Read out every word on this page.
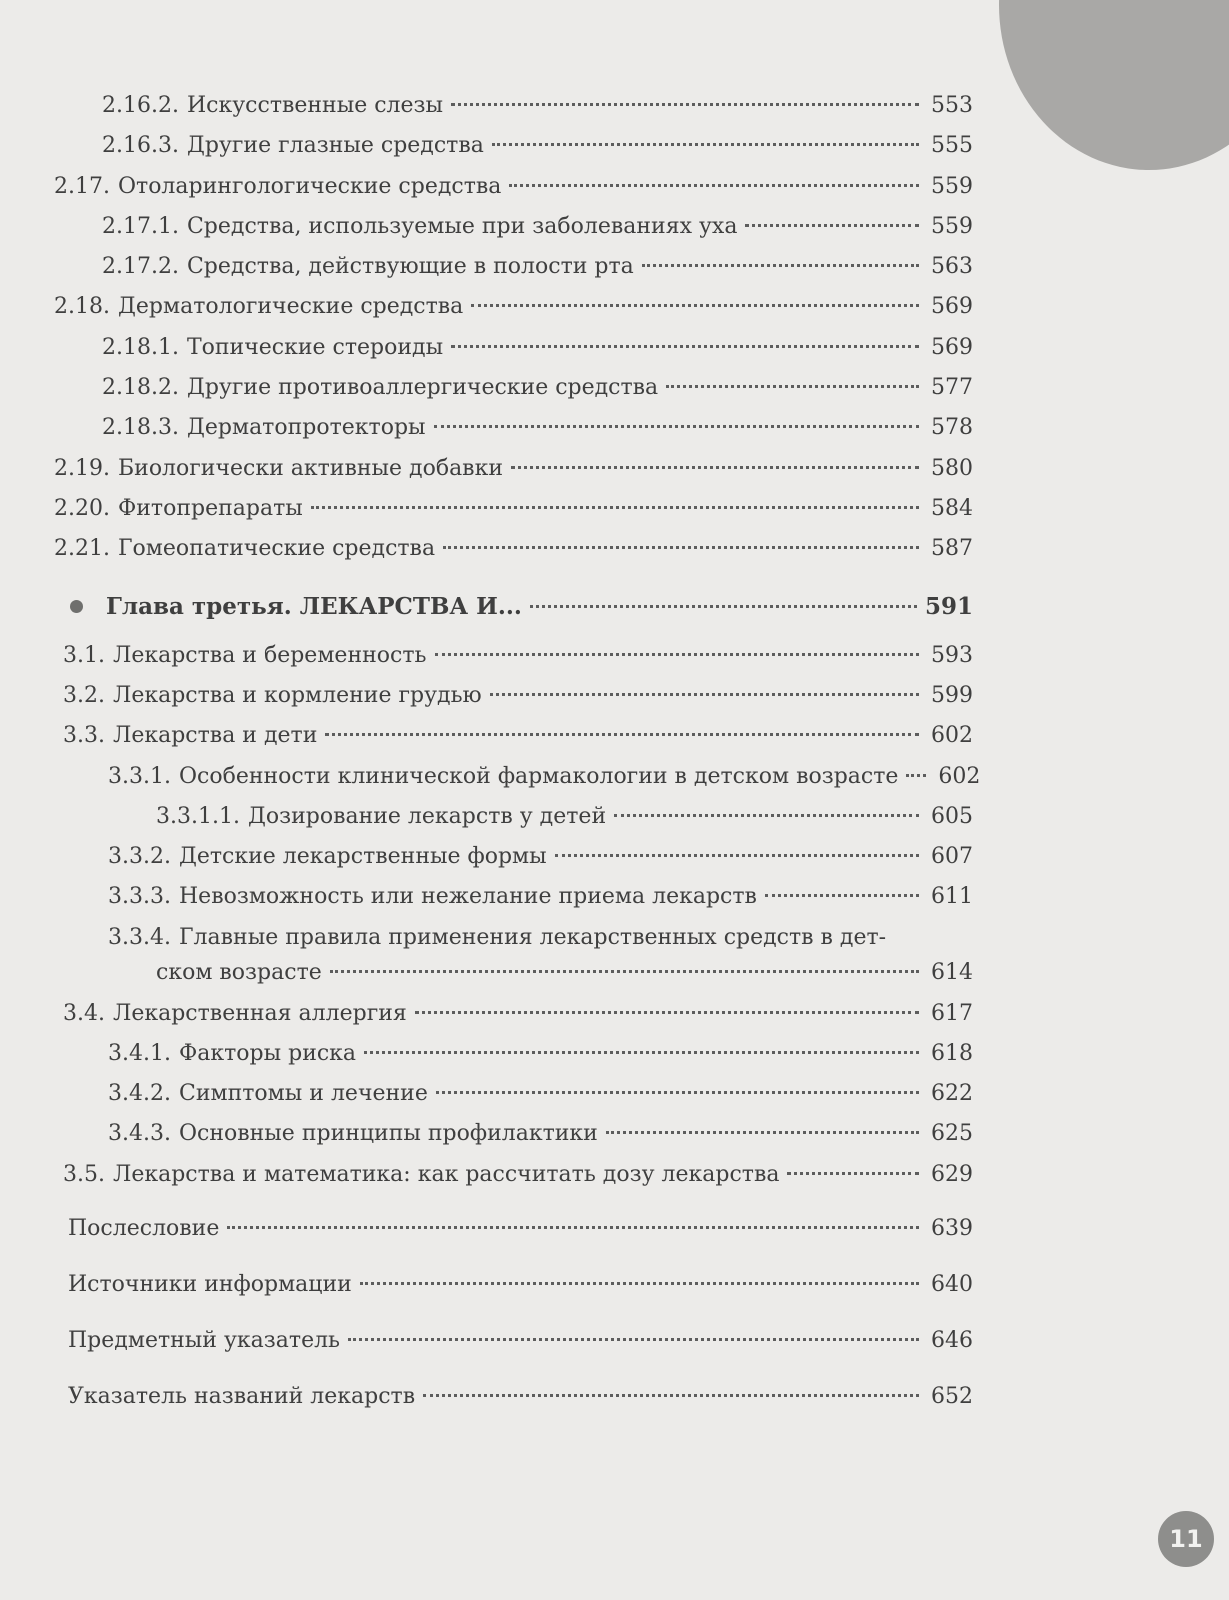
2.16.2. Искусственные слезы	553
2.16.3. Другие глазные средства	555
2.17. Отоларингологические средства	559
2.17.1. Средства, используемые при заболеваниях уха	559
2.17.2. Средства, действующие в полости рта	563
2.18. Дерматологические средства	569
2.18.1. Топические стероиды	569
2.18.2. Другие противоаллергические средства	577
2.18.3. Дерматопротекторы	578
2.19. Биологически активные добавки	580
2.20. Фитопрепараты	584
2.21. Гомеопатические средства	587
Глава третья. ЛЕКАРСТВА И...	591
3.1. Лекарства и беременность	593
3.2. Лекарства и кормление грудью	599
3.3. Лекарства и дети	602
3.3.1. Особенности клинической фармакологии в детском возрасте 602
3.3.1.1. Дозирование лекарств у детей	605
3.3.2. Детские лекарственные формы	607
3.3.3. Невозможность или нежелание приема лекарств	611
3.3.4. Главные правила применения лекарственных средств в дет-
ском возрасте	614
3.4. Лекарственная аллергия	617
3.4.1. Факторы риска	618
3.4.2. Симптомы и лечение	622
3.4.3. Основные принципы профилактики	625
3.5. Лекарства и математика: как рассчитать дозу лекарства	629
Послесловие	639
Источники информации	640
Предметный указатель	646
Указатель названий лекарств	652
11
